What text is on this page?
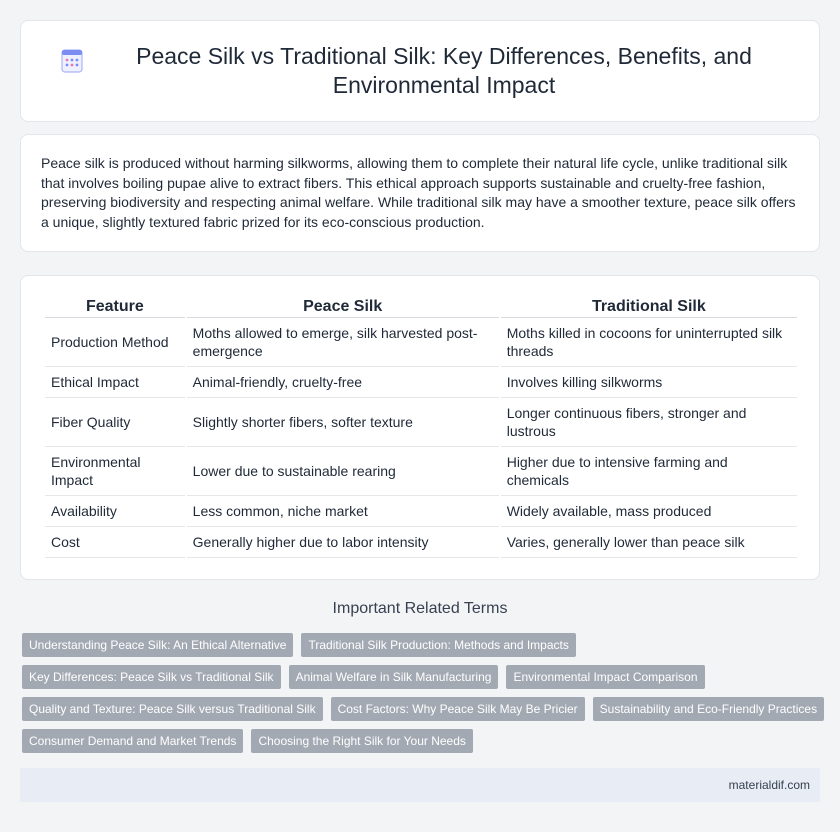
Peace Silk vs Traditional Silk: Key Differences, Benefits, and Environmental Impact

Peace silk is produced without harming silkworms, allowing them to complete their natural life cycle, unlike traditional silk that involves boiling pupae alive to extract fibers. This ethical approach supports sustainable and cruelty-free fashion, preserving biodiversity and respecting animal welfare. While traditional silk may have a smoother texture, peace silk offers a unique, slightly textured fabric prized for its eco-conscious production.

Feature	Peace Silk	Traditional Silk
Production Method	Moths allowed to emerge, silk harvested post-emergence	Moths killed in cocoons for uninterrupted silk threads
Ethical Impact	Animal-friendly, cruelty-free	Involves killing silkworms
Fiber Quality	Slightly shorter fibers, softer texture	Longer continuous fibers, stronger and lustrous
Environmental Impact	Lower due to sustainable rearing	Higher due to intensive farming and chemicals
Availability	Less common, niche market	Widely available, mass produced
Cost	Generally higher due to labor intensity	Varies, generally lower than peace silk
Important Related Terms
Understanding Peace Silk: An Ethical Alternative	Traditional Silk Production: Methods and Impacts
Key Differences: Peace Silk vs Traditional Silk	Animal Welfare in Silk Manufacturing	Environmental Impact Comparison
Quality and Texture: Peace Silk versus Traditional Silk	Cost Factors: Why Peace Silk May Be Pricier	Sustainability and Eco-Friendly Practices
Consumer Demand and Market Trends	Choosing the Right Silk for Your Needs
materialdif.com
